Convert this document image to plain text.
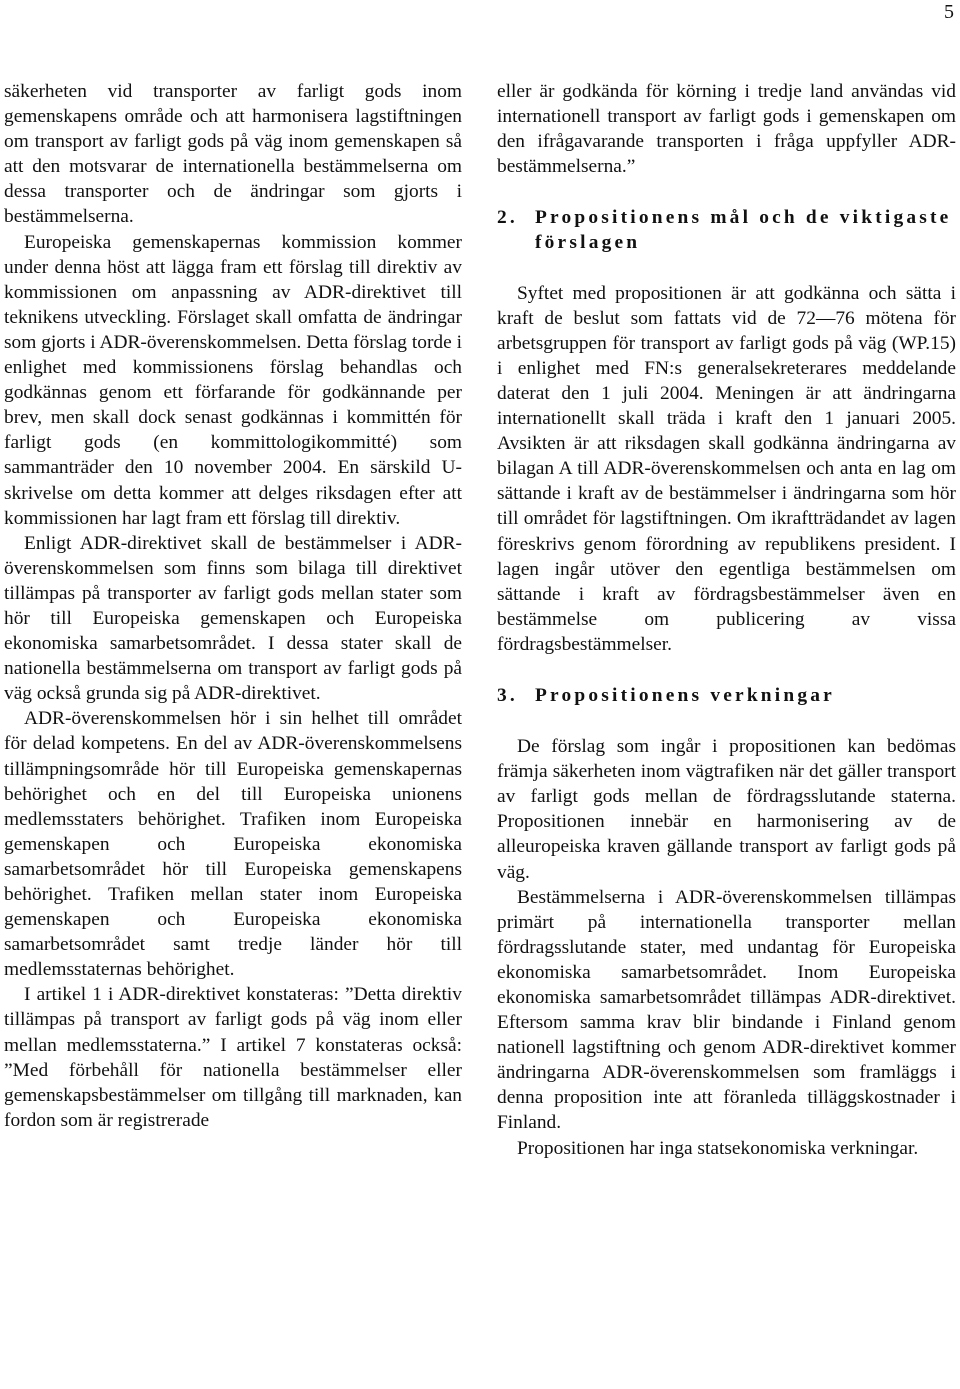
5

säkerheten vid transporter av farligt gods inom gemenskapens område och att harmonisera lagstiftningen om transport av farligt gods på väg inom gemenskapen så att den motsvarar de internationella bestämmelserna om dessa transporter och de ändringar som gjorts i bestämmelserna.

Europeiska gemenskapernas kommission kommer under denna höst att lägga fram ett förslag till direktiv av kommissionen om anpassning av ADR-direktivet till teknikens utveckling. Förslaget skall omfatta de ändringar som gjorts i ADR-överenskommelsen. Detta förslag torde i enlighet med kommissionens förslag behandlas och godkännas genom ett förfarande för godkännande per brev, men skall dock senast godkännas i kommittén för farligt gods (en kommittologikommitté) som sammanträder den 10 november 2004. En särskild U-skrivelse om detta kommer att delges riksdagen efter att kommissionen har lagt fram ett förslag till direktiv.

Enligt ADR-direktivet skall de bestämmelser i ADR-överenskommelsen som finns som bilaga till direktivet tillämpas på transporter av farligt gods mellan stater som hör till Europeiska gemenskapen och Europeiska ekonomiska samarbetsområdet. I dessa stater skall de nationella bestämmelserna om transport av farligt gods på väg också grunda sig på ADR-direktivet.

ADR-överenskommelsen hör i sin helhet till området för delad kompetens. En del av ADR-överenskommelsens tillämpningsområde hör till Europeiska gemenskapernas behörighet och en del till Europeiska unionens medlemsstaters behörighet. Trafiken inom Europeiska gemenskapen och Europeiska ekonomiska samarbetsområdet hör till Europeiska gemenskapens behörighet. Trafiken mellan stater inom Europeiska gemenskapen och Europeiska ekonomiska samarbetsområdet samt tredje länder hör till medlemsstaternas behörighet.

I artikel 1 i ADR-direktivet konstateras: ”Detta direktiv tillämpas på transport av farligt gods på väg inom eller mellan medlemsstaterna.” I artikel 7 konstateras också: ”Med förbehåll för nationella bestämmelser eller gemenskapsbestämmelser om tillgång till marknaden, kan fordon som är registrerade

eller är godkända för körning i tredje land användas vid internationell transport av farligt gods i gemenskapen om den ifrågavarande transporten i fråga uppfyller ADR-bestämmelserna.”

2. Propositionens mål och de viktigaste förslagen

Syftet med propositionen är att godkänna och sätta i kraft de beslut som fattats vid de 72—76 mötena för arbetsgruppen för transport av farligt gods på väg (WP.15) i enlighet med FN:s generalsekreterares meddelande daterat den 1 juli 2004. Meningen är att ändringarna internationellt skall träda i kraft den 1 januari 2005. Avsikten är att riksdagen skall godkänna ändringarna av bilagan A till ADR-överenskommelsen och anta en lag om sättande i kraft av de bestämmelser i ändringarna som hör till området för lagstiftningen. Om ikraftträdandet av lagen föreskrivs genom förordning av republikens president. I lagen ingår utöver den egentliga bestämmelsen om sättande i kraft av fördragsbestämmelser även en bestämmelse om publicering av vissa fördragsbestämmelser.

3. Propositionens verkningar

De förslag som ingår i propositionen kan bedömas främja säkerheten inom vägtrafiken när det gäller transport av farligt gods mellan de fördragsslutande staterna. Propositionen innebär en harmonisering av de alleuropeiska kraven gällande transport av farligt gods på väg.

Bestämmelserna i ADR-överenskommelsen tillämpas primärt på internationella transporter mellan fördragsslutande stater, med undantag för Europeiska ekonomiska samarbetsområdet. Inom Europeiska ekonomiska samarbetsområdet tillämpas ADR-direktivet. Eftersom samma krav blir bindande i Finland genom nationell lagstiftning och genom ADR-direktivet kommer ändringarna ADR-överenskommelsen som framläggs i denna proposition inte att föranleda tilläggskostnader i Finland.

Propositionen har inga statsekonomiska verkningar.
